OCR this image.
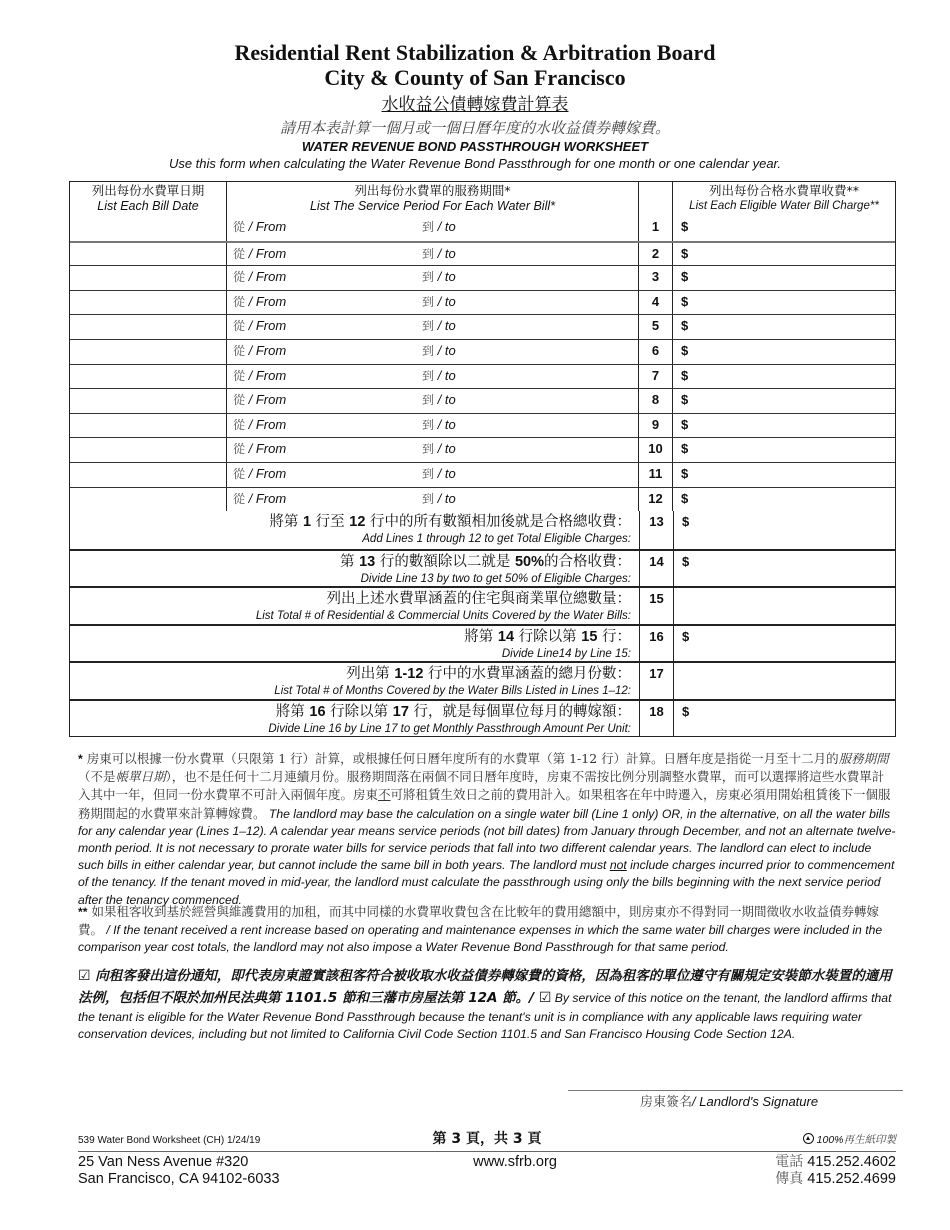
Residential Rent Stabilization & Arbitration Board
City & County of San Francisco
水收益公債轉嫁費計算表
請用本表計算一個月或一個日曆年度的水收益債券轉嫁費。
WATER REVENUE BOND PASSTHROUGH WORKSHEET
Use this form when calculating the Water Revenue Bond Passthrough for one month or one calendar year.
列出每份水費單日期
List Each Bill Date
列出每份水費單的服務期間*
List The Service Period For Each Water Bill*
列出每份合格水費單收費**
List Each Eligible Water Bill Charge**
從 / From	到 / to	1	$
從 / From	到 / to	2	$
從 / From	到 / to	3	$
從 / From	到 / to	4	$
從 / From	到 / to	5	$
從 / From	到 / to	6	$
從 / From	到 / to	7	$
從 / From	到 / to	8	$
從 / From	到 / to	9	$
從 / From	到 / to	10	$
從 / From	到 / to	11	$
從 / From	到 / to	12	$
將第 1 行至 12 行中的所有數額相加後就是合格總收費：
Add Lines 1 through 12 to get Total Eligible Charges:
13	$
第 13 行的數額除以二就是 50%的合格收費：
Divide Line 13 by two to get 50% of Eligible Charges:
14	$
列出上述水費單涵蓋的住宅與商業單位總數量：
List Total # of Residential & Commercial Units Covered by the Water Bills:
15
將第 14 行除以第 15 行：
Divide Line14 by Line 15:
16	$
列出第 1-12 行中的水費單涵蓋的總月份數：
List Total # of Months Covered by the Water Bills Listed in Lines 1–12:
17
將第 16 行除以第 17 行，就是每個單位每月的轉嫁額：
Divide Line 16 by Line 17 to get Monthly Passthrough Amount Per Unit:
18	$
* 房東可以根據一份水費單（只限第 1 行）計算，或根據任何日曆年度所有的水費單（第 1-12 行）計算。日曆年度是指從一月至十二月的服務期間（不是帳單日期），也不是任何十二月連續月份。服務期間落在兩個不同日曆年度時，房東不需按比例分別調整水費單，而可以選擇將這些水費單計入其中一年，但同一份水費單不可計入兩個年度。房東不可將租賃生效日之前的費用計入。如果租客在年中時遷入，房東必須用開始租賃後下一個服務期間起的水費單來計算轉嫁費。 The landlord may base the calculation on a single water bill (Line 1 only) OR, in the alternative, on all the water bills for any calendar year (Lines 1–12). A calendar year means service periods (not bill dates) from January through December, and not an alternate twelve-month period. It is not necessary to prorate water bills for service periods that fall into two different calendar years. The landlord can elect to include such bills in either calendar year, but cannot include the same bill in both years. The landlord must not include charges incurred prior to commencement of the tenancy. If the tenant moved in mid-year, the landlord must calculate the passthrough using only the bills beginning with the next service period after the tenancy commenced.
** 如果租客收到基於經營與維護費用的加租，而其中同樣的水費單收費包含在比較年的費用總額中，則房東亦不得對同一期間徵收水收益債券轉嫁費。 / If the tenant received a rent increase based on operating and maintenance expenses in which the same water bill charges were included in the comparison year cost totals, the landlord may not also impose a Water Revenue Bond Passthrough for that same period.
☑ 向租客發出這份通知，即代表房東證實該租客符合被收取水收益債券轉嫁費的資格，因為租客的單位遵守有關規定安裝節水裝置的適用法例，包括但不限於加州民法典第 1101.5 節和三藩市房屋法第 12A 節。/ ☑ By service of this notice on the tenant, the landlord affirms that the tenant is eligible for the Water Revenue Bond Passthrough because the tenant's unit is in compliance with any applicable laws requiring water conservation devices, including but not limited to California Civil Code Section 1101.5 and San Francisco Housing Code Section 12A.
房東簽名/ Landlord's Signature
539 Water Bond Worksheet (CH) 1/24/19	第 3 頁，共 3 頁	100%再生紙印製
25 Van Ness Avenue #320
San Francisco, CA 94102-6033
www.sfrb.org	電話 415.252.4602
傳真 415.252.4699
